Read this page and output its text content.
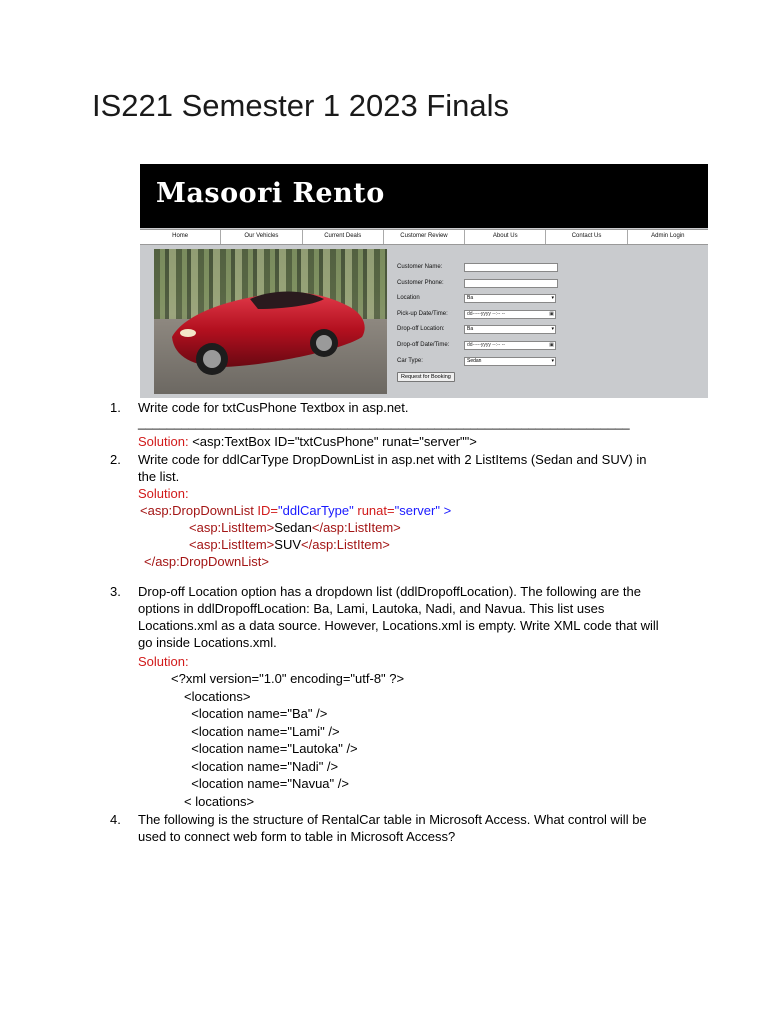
IS221 Semester 1 2023 Finals
Masoori Rento
Home	Our Vehicles	Current Deals	Customer Review	About Us	Contact Us	Admin Login
Customer Name:
Customer Phone:
Location	Ba	▾
Pick-up Date/Time:	dd-----yyyy --:-- --	▣
Drop-off Location:	Ba	▾
Drop-off Date/Time:	dd-----yyyy --:-- --	▣
Car Type:	Sedan	▾
Request for Booking
1.	Write code for txtCusPhone Textbox in asp.net.
____________________________________________________________________
Solution: <asp:TextBox ID="txtCusPhone" runat="server"">
2.	Write code for ddlCarType DropDownList in asp.net with 2 ListItems (Sedan and SUV) in the list.
Solution:
<asp:DropDownList ID="ddlCarType" runat="server" >
<asp:ListItem>Sedan</asp:ListItem>
<asp:ListItem>SUV</asp:ListItem>
</asp:DropDownList>
3.	Drop-off Location option has a dropdown list (ddlDropoffLocation). The following are the options in ddlDropoffLocation: Ba, Lami, Lautoka, Nadi, and Navua. This list uses Locations.xml as a data source. However, Locations.xml is empty. Write XML code that will go inside Locations.xml.
Solution:
<?xml version="1.0" encoding="utf-8" ?>
<locations>
<location name="Ba" />
<location name="Lami" />
<location name="Lautoka" />
<location name="Nadi" />
<location name="Navua" />
< locations>
4.	The following is the structure of RentalCar table in Microsoft Access. What control will be used to connect web form to table in Microsoft Access?
